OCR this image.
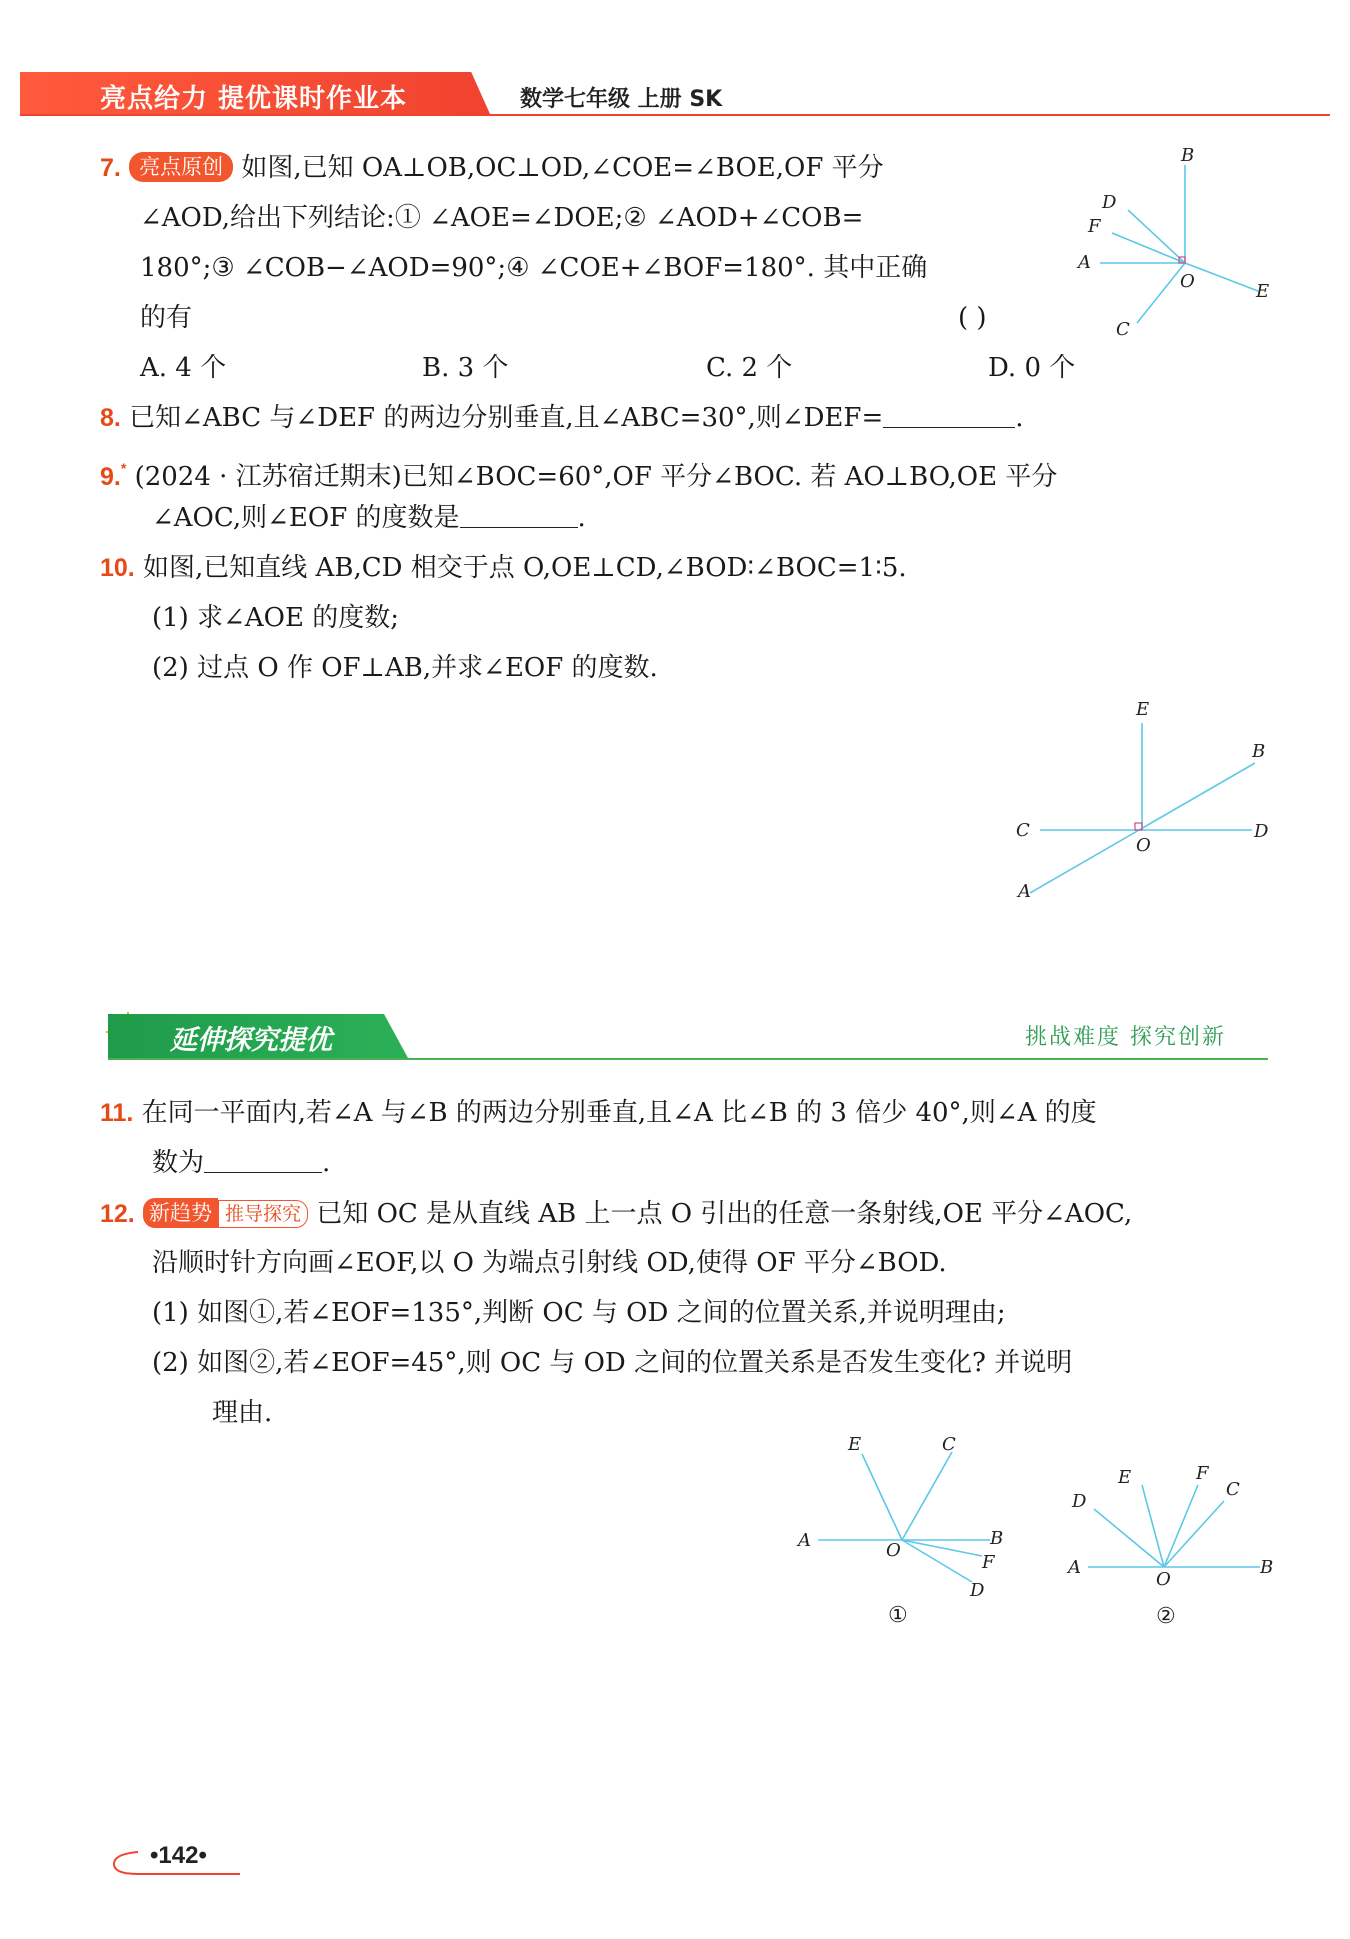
亮点给力 提优课时作业本	数学七年级 上册 SK
7. 亮点原创 如图,已知 OA⊥OB,OC⊥OD,∠COE=∠BOE,OF 平分
∠AOD,给出下列结论:① ∠AOE=∠DOE;② ∠AOD+∠COB=
180°;③ ∠COB−∠AOD=90°;④ ∠COE+∠BOF=180°. 其中正确
的有	( )
A. 4 个	B. 3 个	C. 2 个	D. 0 个
B
D
F
A
O	E
C
8. 已知∠ABC 与∠DEF 的两边分别垂直,且∠ABC=30°,则∠DEF=	.
9.* (2024 · 江苏宿迁期末)已知∠BOC=60°,OF 平分∠BOC. 若 AO⊥BO,OE 平分
∠AOC,则∠EOF 的度数是	.
10. 如图,已知直线 AB,CD 相交于点 O,OE⊥CD,∠BOD∶∠BOC=1∶5.
(1) 求∠AOE 的度数;
(2) 过点 O 作 OF⊥AB,并求∠EOF 的度数.
E
B
C
O
D
A
延伸探究提优	挑战难度 探究创新
11. 在同一平面内,若∠A 与∠B 的两边分别垂直,且∠A 比∠B 的 3 倍少 40°,则∠A 的度
数为	.
12. 新趋势 推导探究 已知 OC 是从直线 AB 上一点 O 引出的任意一条射线,OE 平分∠AOC,
沿顺时针方向画∠EOF,以 O 为端点引射线 OD,使得 OF 平分∠BOD.
(1) 如图①,若∠EOF=135°,判断 OC 与 OD 之间的位置关系,并说明理由;
(2) 如图②,若∠EOF=45°,则 OC 与 OD 之间的位置关系是否发生变化? 并说明
理由.
E	C
A	O
B
F
D
①
E	F
D
C
A
O
B
②
•142•
